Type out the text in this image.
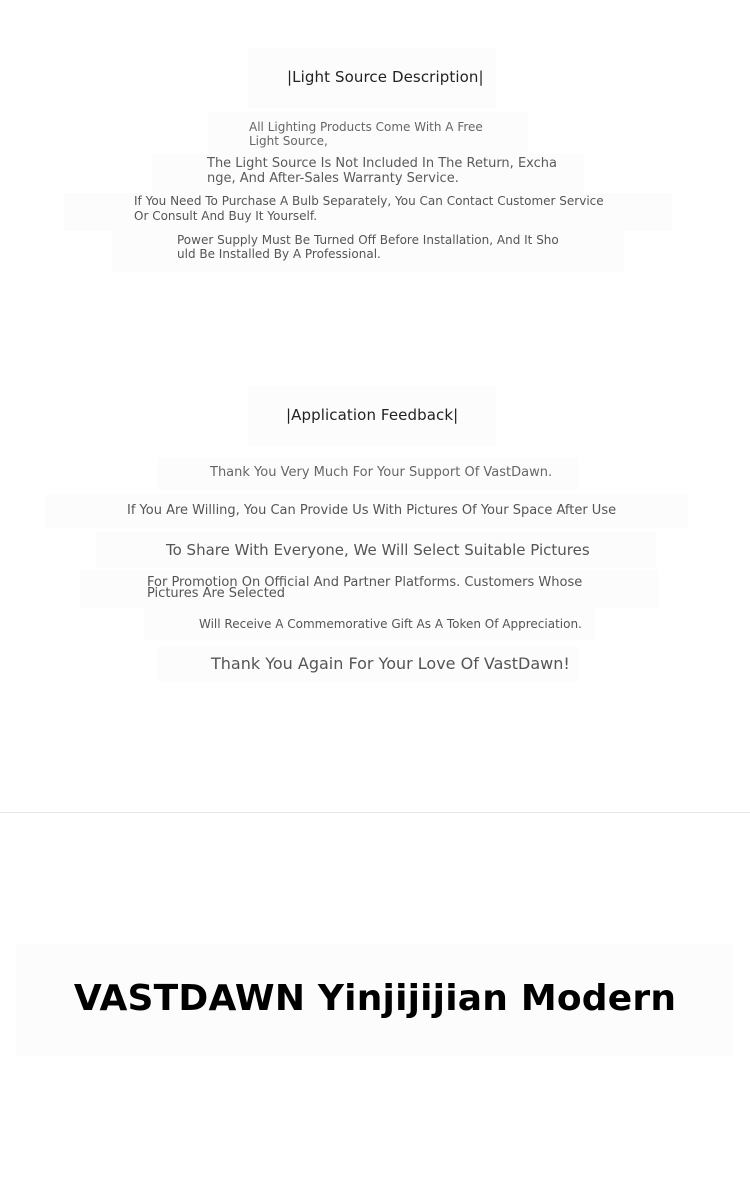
|Light Source Description|
All Lighting Products Come With A Free Light Source,
The Light Source Is Not Included In The Return, Exchange, And After-Sales Warranty Service.
If You Need To Purchase A Bulb Separately, You Can Contact Customer Service Or Consult And Buy It Yourself.
Power Supply Must Be Turned Off Before Installation, And It Should Be Installed By A Professional.
|Application Feedback|
Thank You Very Much For Your Support Of VastDawn.
If You Are Willing, You Can Provide Us With Pictures Of Your Space After Use
To Share With Everyone, We Will Select Suitable Pictures
For Promotion On Official And Partner Platforms. Customers Whose Pictures Are Selected
Will Receive A Commemorative Gift As A Token Of Appreciation.
Thank You Again For Your Love Of VastDawn!
VASTDAWN Yinjijijian Modern
